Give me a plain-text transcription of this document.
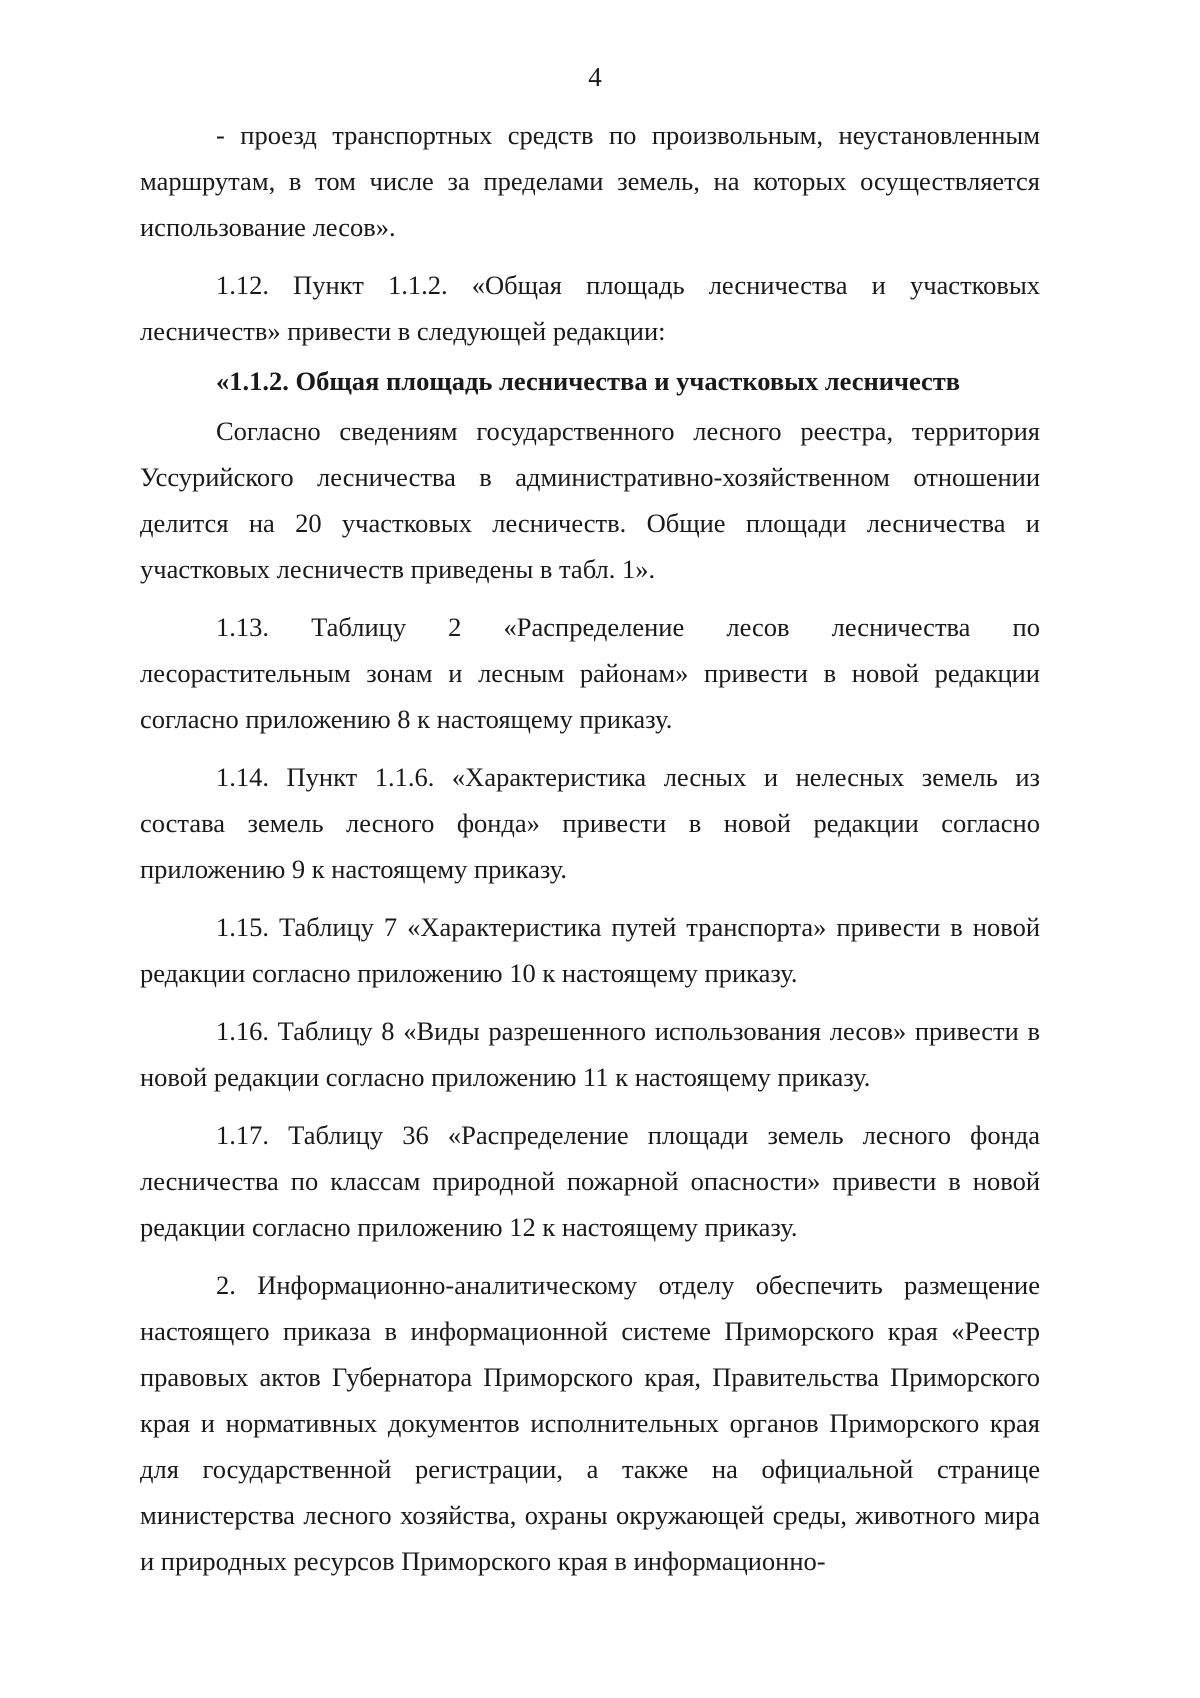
4

- проезд транспортных средств по произвольным, неустановленным маршрутам, в том числе за пределами земель, на которых осуществляется использование лесов».

1.12. Пункт 1.1.2. «Общая площадь лесничества и участковых лесничеств» привести в следующей редакции:

«1.1.2. Общая площадь лесничества и участковых лесничеств

Согласно сведениям государственного лесного реестра, территория Уссурийского лесничества в административно-хозяйственном отношении делится на 20 участковых лесничеств. Общие площади лесничества и участковых лесничеств приведены в табл. 1».

1.13. Таблицу 2 «Распределение лесов лесничества по лесорастительным зонам и лесным районам» привести в новой редакции согласно приложению 8 к настоящему приказу.

1.14. Пункт 1.1.6. «Характеристика лесных и нелесных земель из состава земель лесного фонда» привести в новой редакции согласно приложению 9 к настоящему приказу.

1.15. Таблицу 7 «Характеристика путей транспорта» привести в новой редакции согласно приложению 10 к настоящему приказу.

1.16. Таблицу 8 «Виды разрешенного использования лесов» привести в новой редакции согласно приложению 11 к настоящему приказу.

1.17. Таблицу 36 «Распределение площади земель лесного фонда лесничества по классам природной пожарной опасности» привести в новой редакции согласно приложению 12 к настоящему приказу.

2. Информационно-аналитическому отделу обеспечить размещение настоящего приказа в информационной системе Приморского края «Реестр правовых актов Губернатора Приморского края, Правительства Приморского края и нормативных документов исполнительных органов Приморского края для государственной регистрации, а также на официальной странице министерства лесного хозяйства, охраны окружающей среды, животного мира и природных ресурсов Приморского края в информационно-
